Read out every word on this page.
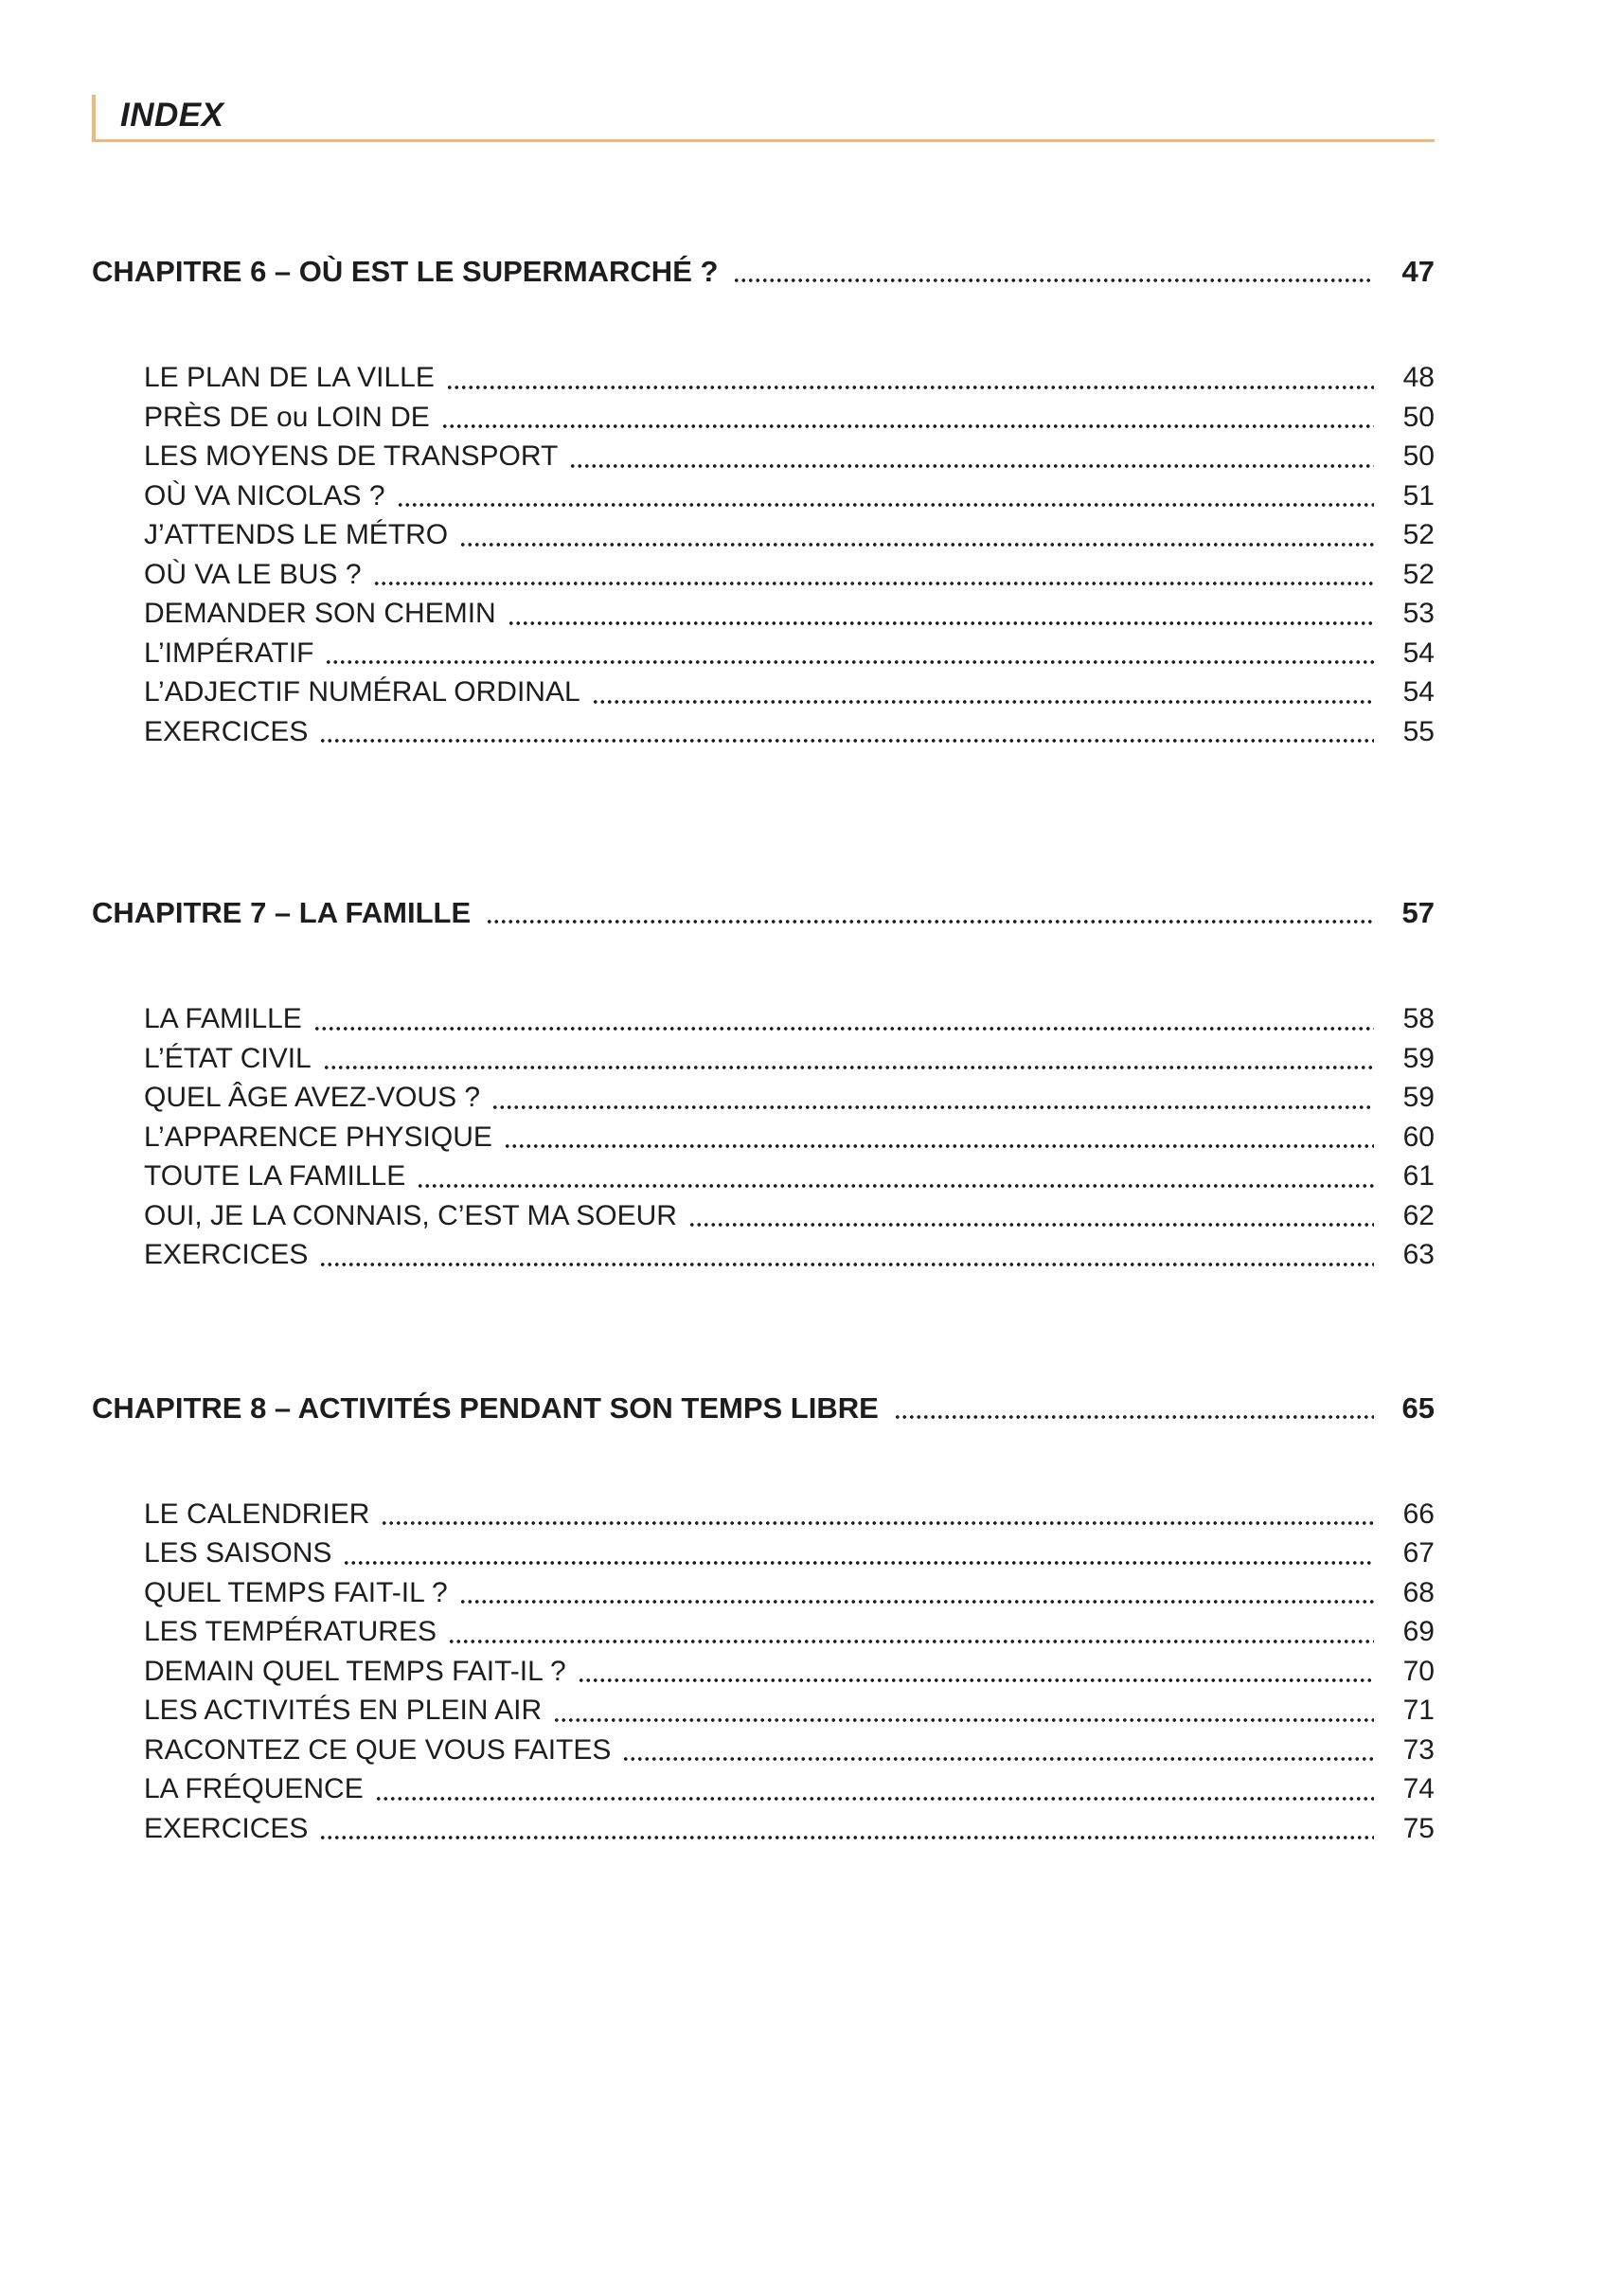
INDEX
CHAPITRE 6 – OÙ EST LE SUPERMARCHÉ ?	47
LE PLAN DE LA VILLE	48
PRÈS DE ou LOIN DE	50
LES MOYENS DE TRANSPORT	50
OÙ VA NICOLAS ?	51
J’ATTENDS LE MÉTRO	52
OÙ VA LE BUS ?	52
DEMANDER SON CHEMIN	53
L’IMPÉRATIF	54
L’ADJECTIF NUMÉRAL ORDINAL	54
EXERCICES	55
CHAPITRE 7 – LA FAMILLE	57
LA FAMILLE	58
L’ÉTAT CIVIL	59
QUEL ÂGE AVEZ-VOUS ?	59
L’APPARENCE PHYSIQUE	60
TOUTE LA FAMILLE	61
OUI, JE LA CONNAIS, C’EST MA SOEUR	62
EXERCICES	63
CHAPITRE 8 – ACTIVITÉS PENDANT SON TEMPS LIBRE	65
LE CALENDRIER	66
LES SAISONS	67
QUEL TEMPS FAIT-IL ?	68
LES TEMPÉRATURES	69
DEMAIN QUEL TEMPS FAIT-IL ?	70
LES ACTIVITÉS EN PLEIN AIR	71
RACONTEZ CE QUE VOUS FAITES	73
LA FRÉQUENCE	74
EXERCICES	75
